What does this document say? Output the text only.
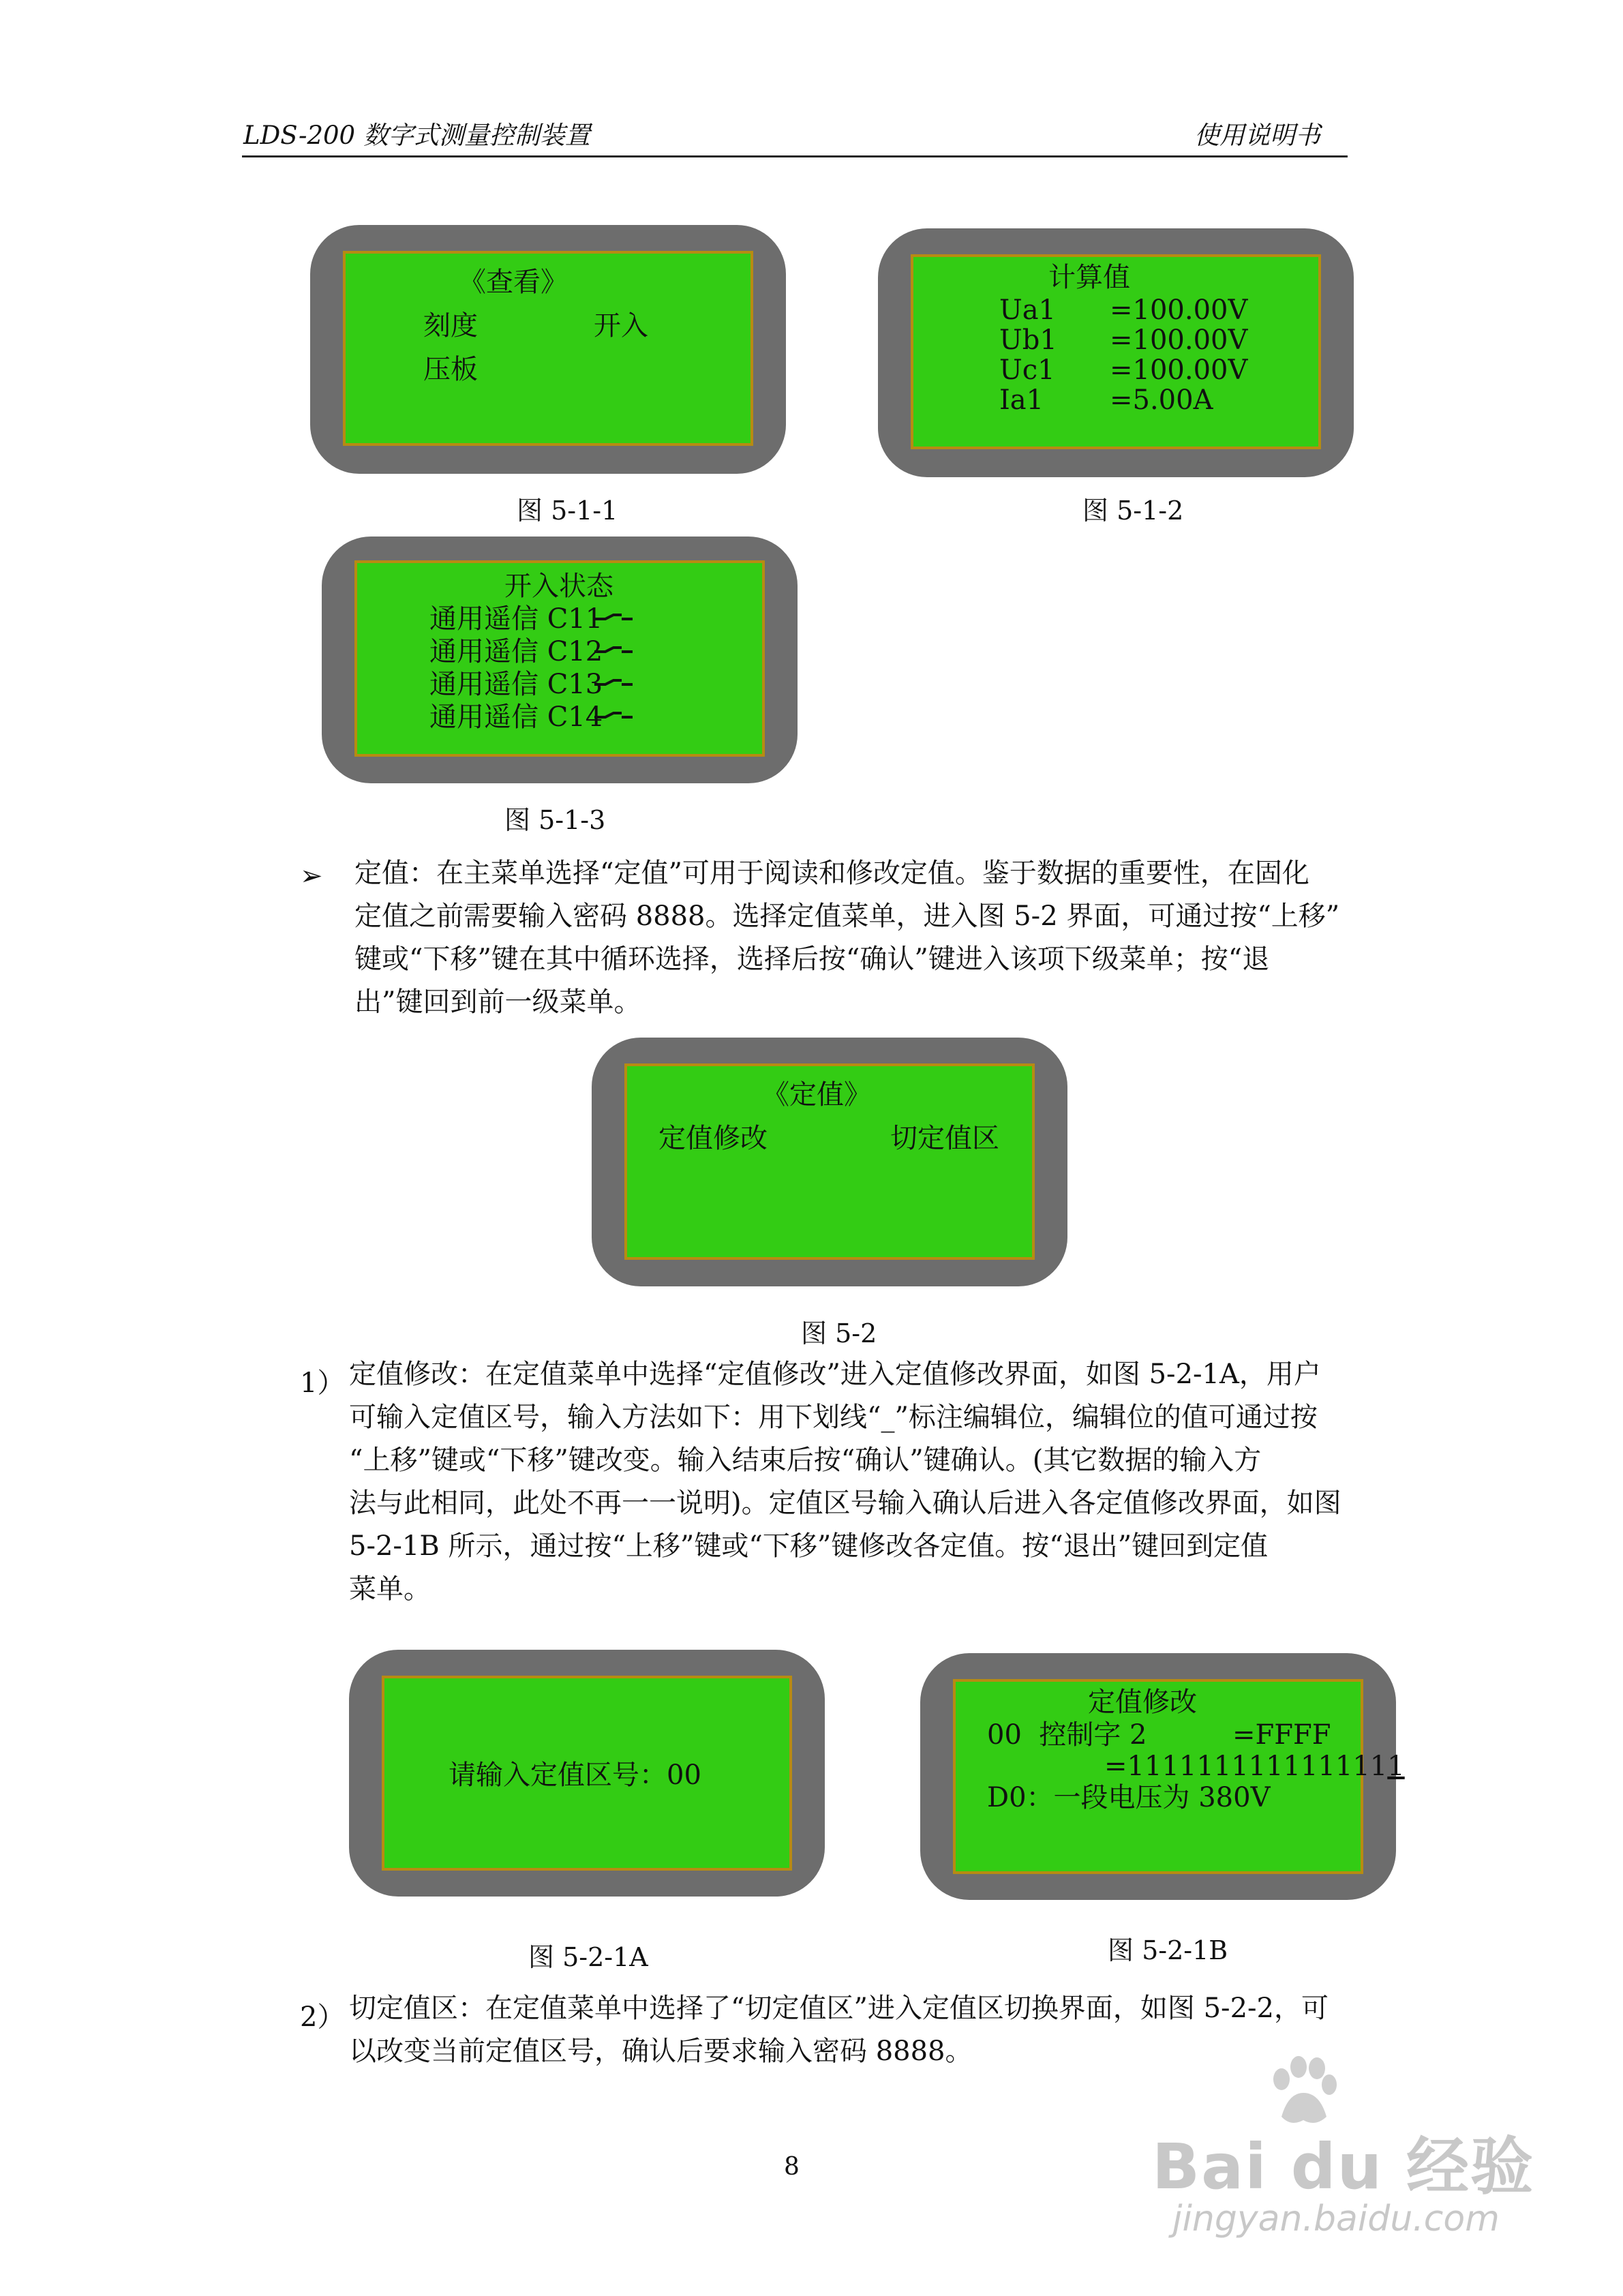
LDS-200 数字式测量控制装置	使用说明书
《查看》
刻度	开入
压板
图 5-1-1
计算值
Ua1 =100.00V
Ub1 =100.00V
Uc1 =100.00V
Ia1 =5.00A
图 5-1-2
开入状态
通用遥信 C11
通用遥信 C12
通用遥信 C13
通用遥信 C14
图 5-1-3
➢ 定值：在主菜单选择“定值”可用于阅读和修改定值。鉴于数据的重要性，在固化
定值之前需要输入密码 8888。选择定值菜单，进入图 5-2 界面，可通过按“上移”
键或“下移”键在其中循环选择，选择后按“确认”键进入该项下级菜单；按“退
出”键回到前一级菜单。
《定值》
定值修改	切定值区
图 5-2
1） 定值修改：在定值菜单中选择“定值修改”进入定值修改界面，如图 5-2-1A，用户
可输入定值区号，输入方法如下：用下划线“_”标注编辑位，编辑位的值可通过按
“上移”键或“下移”键改变。输入结束后按“确认”键确认。(其它数据的输入方
法与此相同，此处不再一一说明)。定值区号输入确认后进入各定值修改界面，如图
5-2-1B 所示，通过按“上移”键或“下移”键修改各定值。按“退出”键回到定值
菜单。
请输入定值区号：00
图 5-2-1A
定值修改
00  控制字 2	=FFFF
=1111111111111111
D0：一段电压为 380V
图 5-2-1B
2） 切定值区：在定值菜单中选择了“切定值区”进入定值区切换界面，如图 5-2-2，可
以改变当前定值区号，确认后要求输入密码 8888。
8	Bai du 经验
jingyan.baidu.com
